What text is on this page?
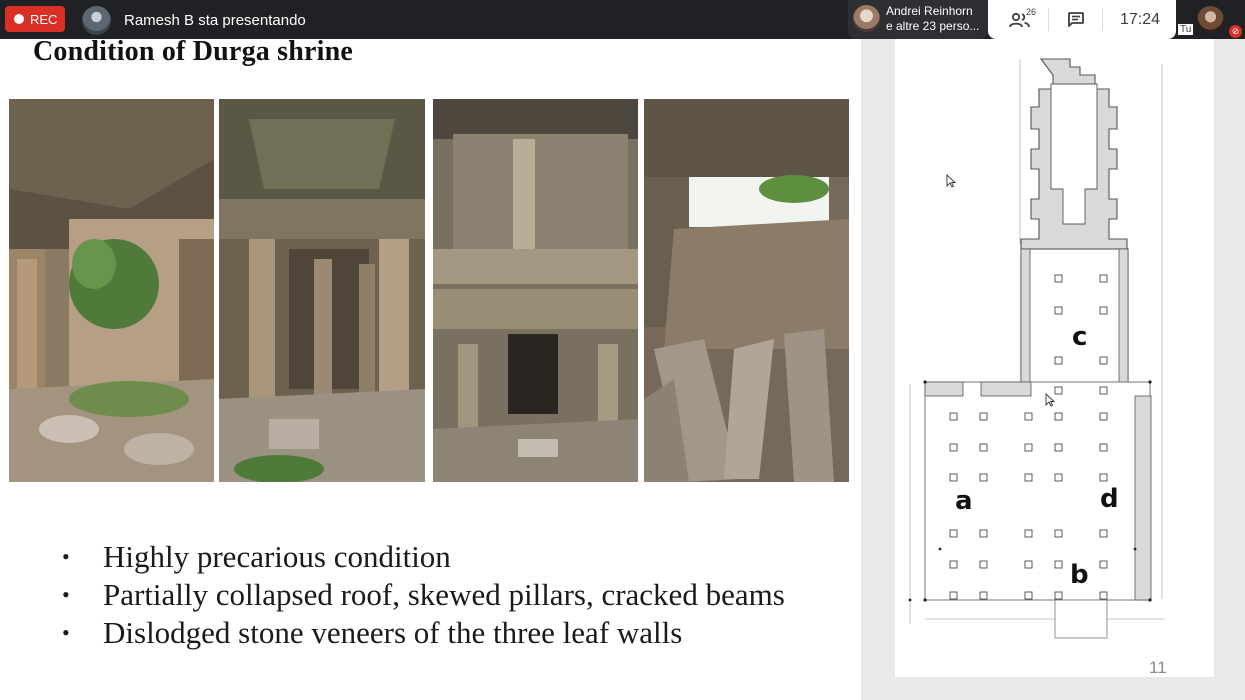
REC	Ramesh B sta presentando
Andrei Reinhorn
e altre 23 perso...
26	17:24
Tu	⊘
Condition of Durga shrine
•	Highly precarious condition
•	Partially collapsed roof, skewed pillars, cracked beams
•	Dislodged stone veneers of the three leaf walls
a
b
c
d
11
